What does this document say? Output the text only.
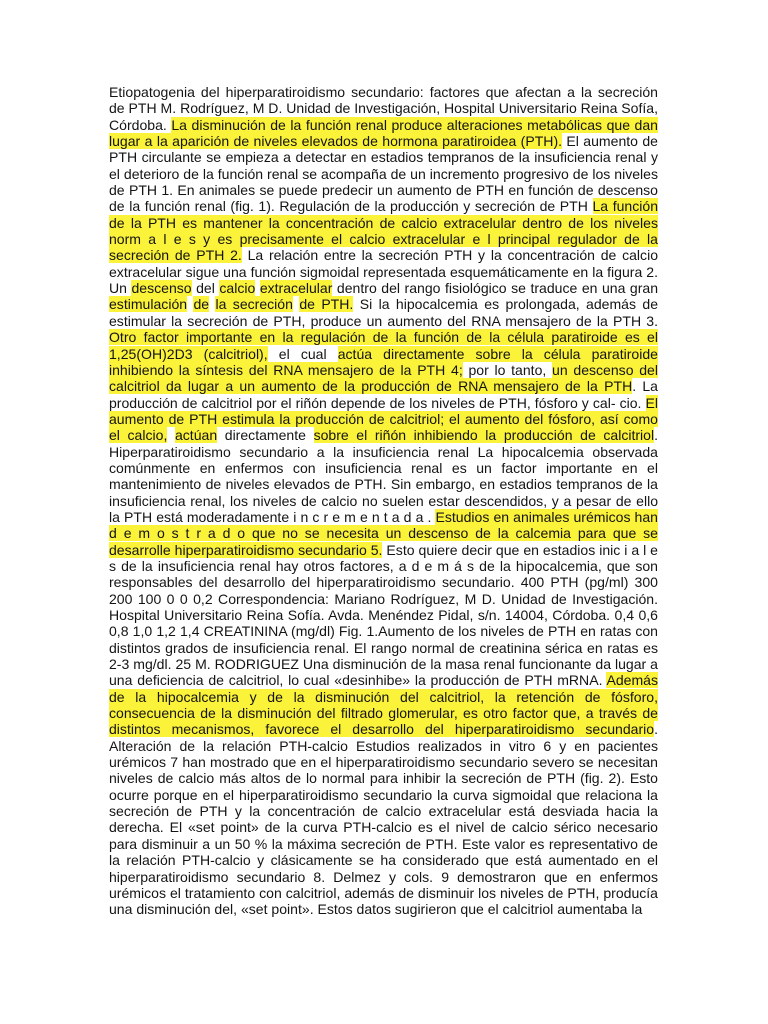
Etiopatogenia del hiperparatiroidismo secundario: factores que afectan a la secreción de PTH M. Rodríguez, M D. Unidad de Investigación, Hospital Universitario Reina Sofía, Córdoba. La disminución de la función renal produce alteraciones metabólicas que dan lugar a la aparición de niveles elevados de hormona paratiroidea (PTH). El aumento de PTH circulante se empieza a detectar en estadios tempranos de la insuficiencia renal y el deterioro de la función renal se acompaña de un incremento progresivo de los niveles de PTH 1. En animales se puede predecir un aumento de PTH en función de descenso de la función renal (fig. 1). Regulación de la producción y secreción de PTH La función de la PTH es mantener la concentración de calcio extracelular dentro de los niveles norm a l e s y es precisamente el calcio extracelular e l principal regulador de la secreción de PTH 2. La relación entre la secreción PTH y la concentración de calcio extracelular sigue una función sigmoidal representada esquemáticamente en la figura 2. Un descenso del calcio extracelular dentro del rango fisiológico se traduce en una gran estimulación de la secreción de PTH. Si la hipocalcemia es prolongada, además de estimular la secreción de PTH, produce un aumento del RNA mensajero de la PTH 3. Otro factor importante en la regulación de la función de la célula paratiroide es el 1,25(OH)2D3 (calcitriol), el cual actúa directamente sobre la célula paratiroide inhibiendo la síntesis del RNA mensajero de la PTH 4; por lo tanto, un descenso del calcitriol da lugar a un aumento de la producción de RNA mensajero de la PTH. La producción de calcitriol por el riñón depende de los niveles de PTH, fósforo y cal- cio. El aumento de PTH estimula la producción de calcitriol; el aumento del fósforo, así como el calcio, actúan directamente sobre el riñón inhibiendo la producción de calcitriol. Hiperparatiroidismo secundario a la insuficiencia renal La hipocalcemia observada comúnmente en enfermos con insuficiencia renal es un factor importante en el mantenimiento de niveles elevados de PTH. Sin embargo, en estadios tempranos de la insuficiencia renal, los niveles de calcio no suelen estar descendidos, y a pesar de ello la PTH está moderadamente i n c r e m e n t a d a . Estudios en animales urémicos han d e m o s t r a d o que no se necesita un descenso de la calcemia para que se desarrolle hiperparatiroidismo secundario 5. Esto quiere decir que en estadios inic i a l e s de la insuficiencia renal hay otros factores, a d e m á s de la hipocalcemia, que son responsables del desarrollo del hiperparatiroidismo secundario. 400 PTH (pg/ml) 300 200 100 0 0 0,2 Correspondencia: Mariano Rodríguez, M D. Unidad de Investigación. Hospital Universitario Reina Sofía. Avda. Menéndez Pidal, s/n. 14004, Córdoba. 0,4 0,6 0,8 1,0 1,2 1,4 CREATININA (mg/dl) Fig. 1.Aumento de los niveles de PTH en ratas con distintos grados de insuficiencia renal. El rango normal de creatinina sérica en ratas es 2-3 mg/dl. 25 M. RODRIGUEZ Una disminución de la masa renal funcionante da lugar a una deficiencia de calcitriol, lo cual «desinhibe» la producción de PTH mRNA. Además de la hipocalcemia y de la disminución del calcitriol, la retención de fósforo, consecuencia de la disminución del filtrado glomerular, es otro factor que, a través de distintos mecanismos, favorece el desarrollo del hiperparatiroidismo secundario. Alteración de la relación PTH-calcio Estudios realizados in vitro 6 y en pacientes urémicos 7 han mostrado que en el hiperparatiroidismo secundario severo se necesitan niveles de calcio más altos de lo normal para inhibir la secreción de PTH (fig. 2). Esto ocurre porque en el hiperparatiroidismo secundario la curva sigmoidal que relaciona la secreción de PTH y la concentración de calcio extracelular está desviada hacia la derecha. El «set point» de la curva PTH-calcio es el nivel de calcio sérico necesario para disminuir a un 50 % la máxima secreción de PTH. Este valor es representativo de la relación PTH-calcio y clásicamente se ha considerado que está aumentado en el hiperparatiroidismo secundario 8. Delmez y cols. 9 demostraron que en enfermos urémicos el tratamiento con calcitriol, además de disminuir los niveles de PTH, producía una disminución del, «set point». Estos datos sugirieron que el calcitriol aumentaba la
